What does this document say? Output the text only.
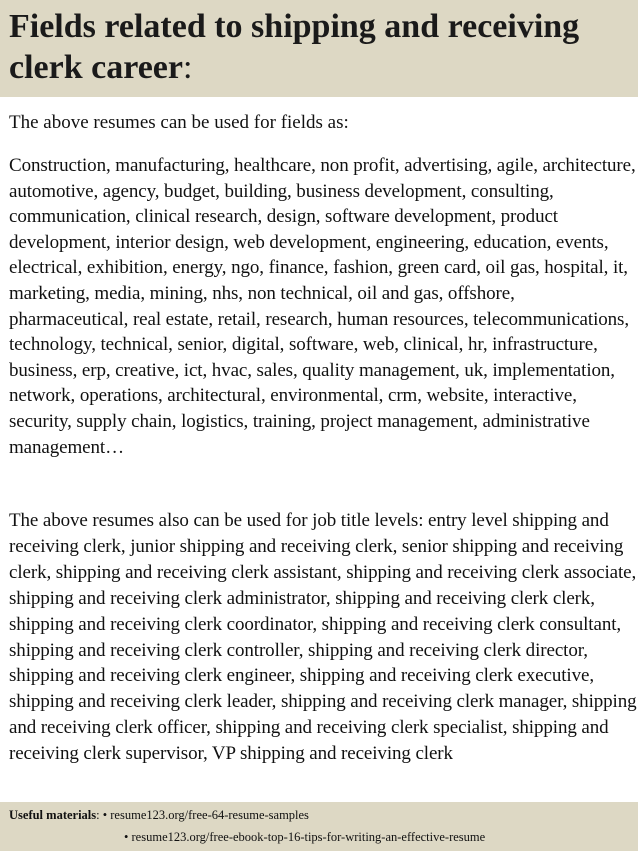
Fields related to shipping and receiving clerk career:

The above resumes can be used for fields as:

Construction, manufacturing, healthcare, non profit, advertising, agile, architecture, automotive, agency, budget, building, business development, consulting, communication, clinical research, design, software development, product development, interior design, web development, engineering, education, events, electrical, exhibition, energy, ngo, finance, fashion, green card, oil gas, hospital, it, marketing, media, mining, nhs, non technical, oil and gas, offshore, pharmaceutical, real estate, retail, research, human resources, telecommunications, technology, technical, senior, digital, software, web, clinical, hr, infrastructure, business, erp, creative, ict, hvac, sales, quality management, uk, implementation, network, operations, architectural, environmental, crm, website, interactive, security, supply chain, logistics, training, project management, administrative management…

The above resumes also can be used for job title levels: entry level shipping and receiving clerk, junior shipping and receiving clerk, senior shipping and receiving clerk, shipping and receiving clerk assistant, shipping and receiving clerk associate, shipping and receiving clerk administrator, shipping and receiving clerk clerk, shipping and receiving clerk coordinator, shipping and receiving clerk consultant, shipping and receiving clerk controller, shipping and receiving clerk director, shipping and receiving clerk engineer, shipping and receiving clerk executive, shipping and receiving clerk leader, shipping and receiving clerk manager, shipping and receiving clerk officer, shipping and receiving clerk specialist, shipping and receiving clerk supervisor, VP shipping and receiving clerk

Useful materials: • resume123.org/free-64-resume-samples
• resume123.org/free-ebook-top-16-tips-for-writing-an-effective-resume
